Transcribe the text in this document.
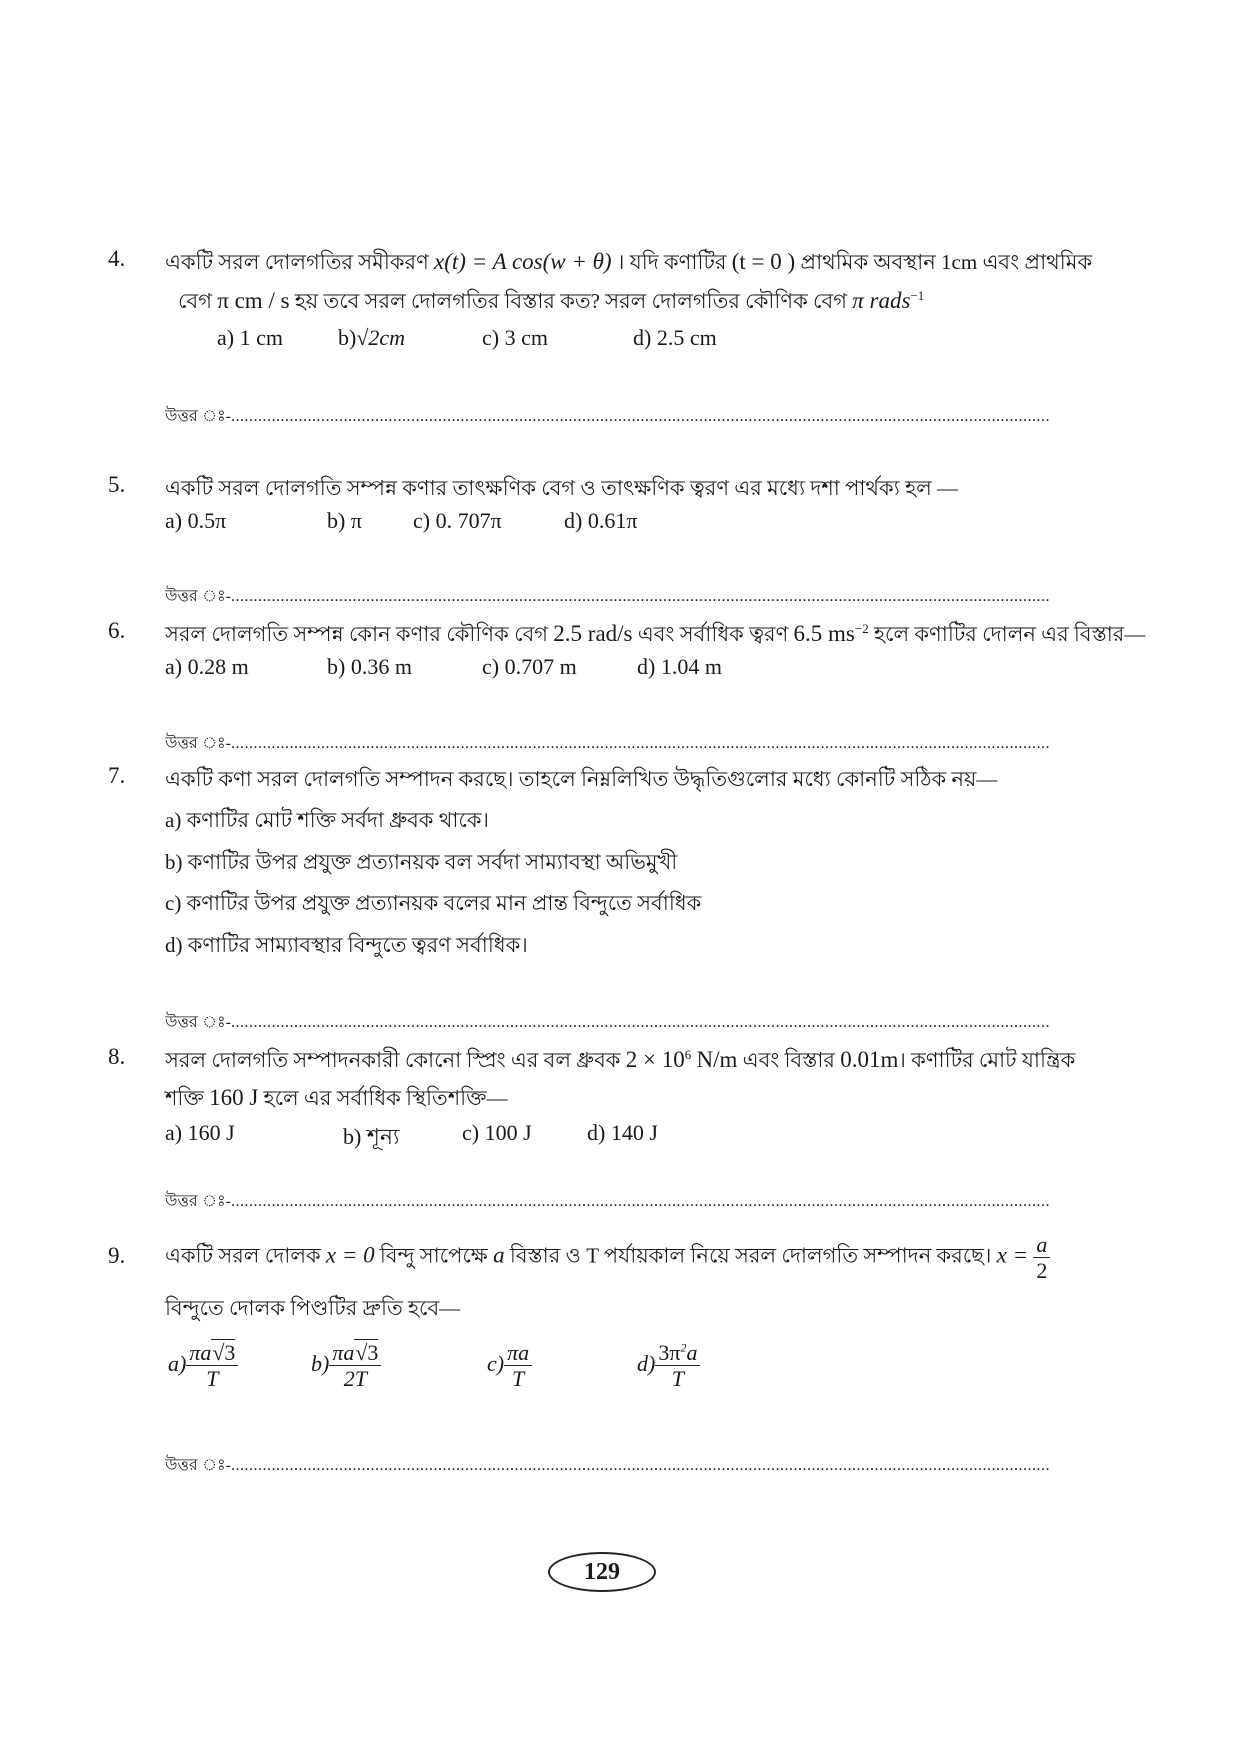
4. একটি সরল দোলগতির সমীকরণ x(t) = A cos(w + θ) । যদি কণাটির (t = 0 ) প্রাথমিক অবস্থান 1cm এবং প্রাথমিক
বেগ π cm / s হয় তবে সরল দোলগতির বিস্তার কত? সরল দোলগতির কৌণিক বেগ π rads$^{-1}$
a) 1 cm	b)√2cm	c) 3 cm	d) 2.5 cm
উত্তর ঃ- .....
5. একটি সরল দোলগতি সম্পন্ন কণার তাৎক্ষণিক বেগ ও তাৎক্ষণিক ত্বরণ এর মধ্যে দশা পার্থক্য হল —
a) 0.5π	b) π c) 0. 707π	d) 0.61π
উত্তর ঃ- .....
6. সরল দোলগতি সম্পন্ন কোন কণার কৌণিক বেগ 2.5 rad/s এবং সর্বাধিক ত্বরণ 6.5 $ms^{-2}$ হলে কণাটির দোলন এর বিস্তার—
a) 0.28 m	b) 0.36 m	c) 0.707 m	d) 1.04 m
উত্তর ঃ- .....
7. একটি কণা সরল দোলগতি সম্পাদন করছে। তাহলে নিম্নলিখিত উদ্ধৃতিগুলোর মধ্যে কোনটি সঠিক নয়—
a) কণাটির মোট শক্তি সর্বদা ধ্রুবক থাকে।
b) কণাটির উপর প্রযুক্ত প্রত্যানয়ক বল সর্বদা সাম্যাবস্থা অভিমুখী
c) কণাটির উপর প্রযুক্ত প্রত্যানয়ক বলের মান প্রান্ত বিন্দুতে সর্বাধিক
d) কণাটির সাম্যাবস্থার বিন্দুতে ত্বরণ সর্বাধিক।
উত্তর ঃ- .....
8. সরল দোলগতি সম্পাদনকারী কোনো স্প্রিং এর বল ধ্রুবক $2 \times 10^6$ N/m এবং বিস্তার 0.01m। কণাটির মোট যান্ত্রিক
শক্তি 160 J হলে এর সর্বাধিক স্থিতিশক্তি—
a) 160 J	b) শূন্য	c) 100 J	d) 140 J
উত্তর ঃ- .....
9. একটি সরল দোলক x = 0 বিন্দু সাপেক্ষে a বিস্তার ও T পর্যায়কাল নিয়ে সরল দোলগতি সম্পাদন করছে। $x = \frac{a}{2}$
বিন্দুতে দোলক পিণ্ডটির দ্রুতি হবে—
$a) \frac{\pi a√3}{T}$	$b) \frac{\pi a√3}{2T}$	$c) \frac{\pi a}{T}$	$d) \frac{3\pi^2a}{T}$
উত্তর ঃ- .....
129
